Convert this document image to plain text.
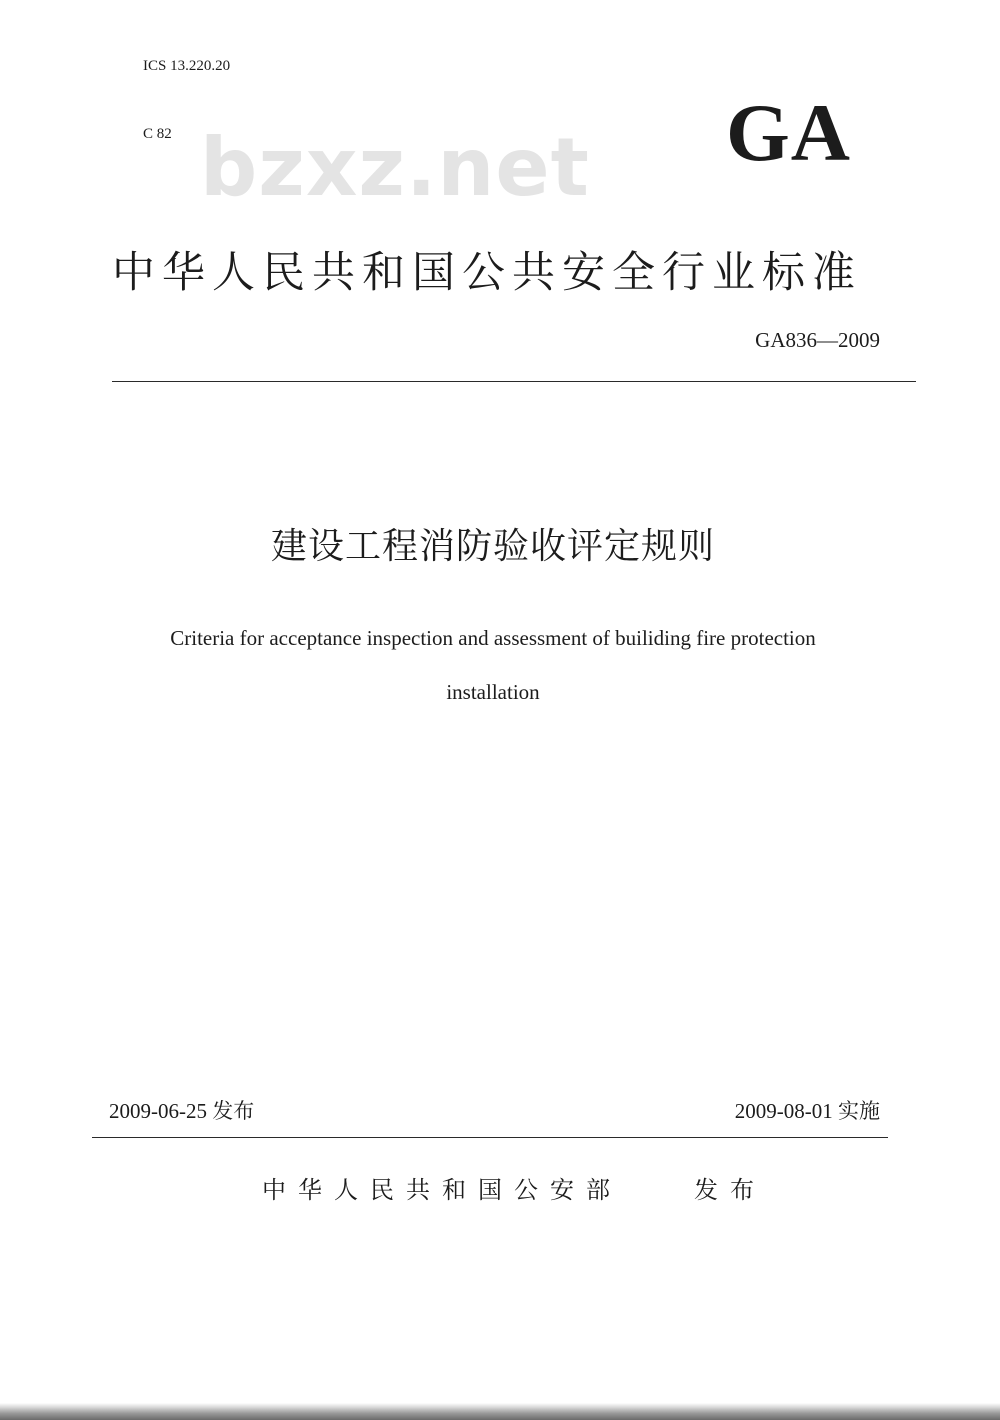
ICS 13.220.20
C 82 bzxz.net GA
中华人民共和国公共安全行业标准
GA836—2009
建设工程消防验收评定规则
Criteria for acceptance inspection and assessment of builiding fire protection
installation
2009-06-25 发布	2009-08-01 实施
中华人民共和国公安部	发布
